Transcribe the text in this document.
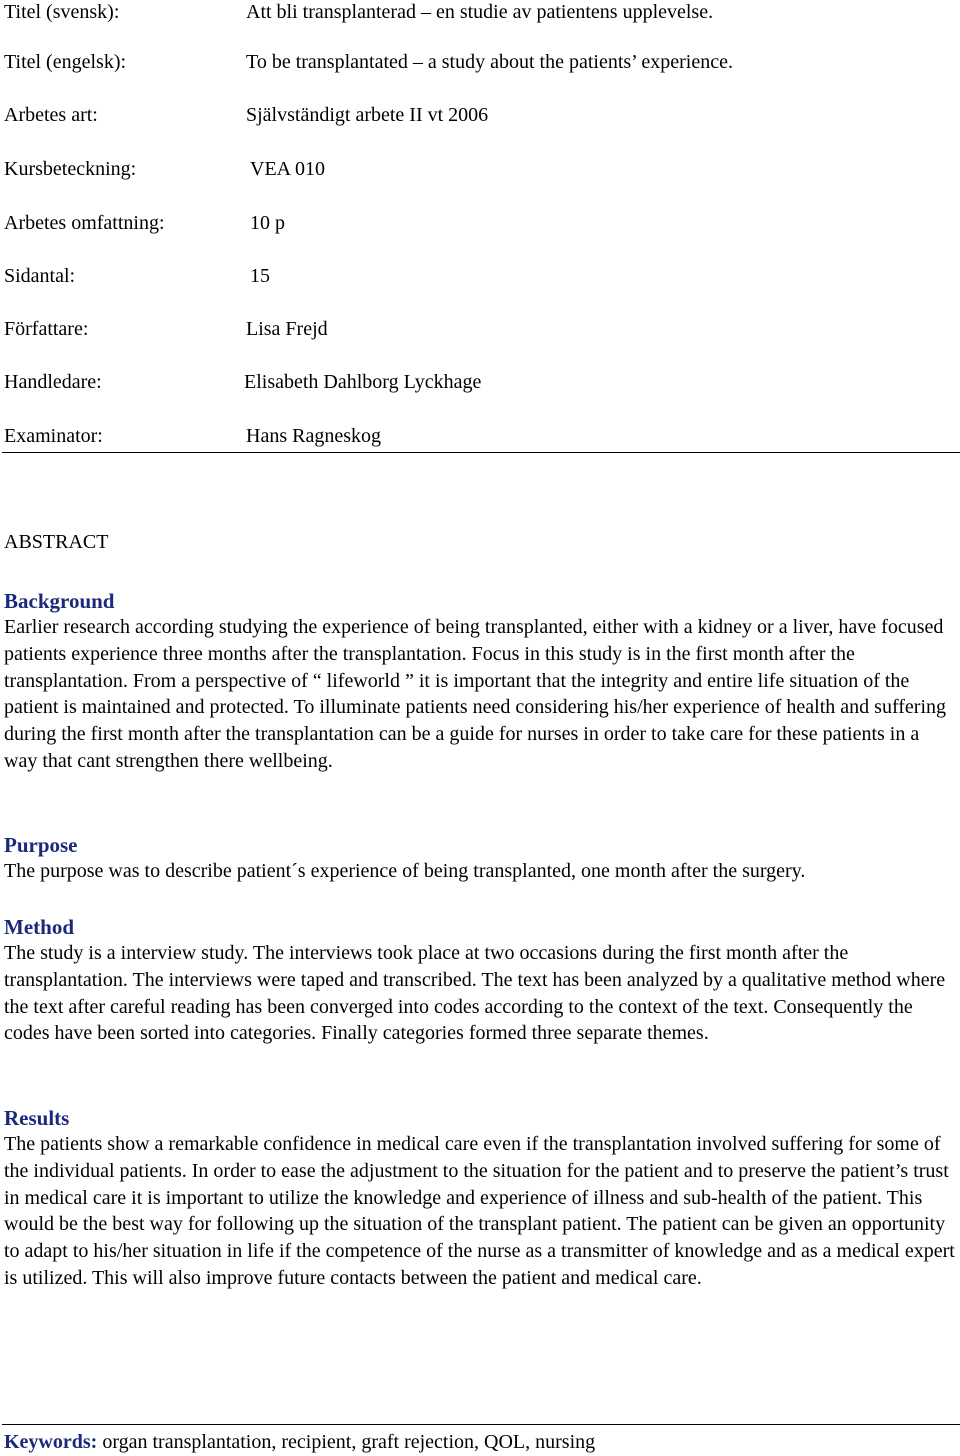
Titel (svensk):	Att bli transplanterad – en studie av patientens upplevelse.
Titel (engelsk):	To be transplantated – a study about the patients’ experience.
Arbetes art:	Självständigt arbete II vt 2006
Kursbeteckning:	VEA 010
Arbetes omfattning:	10 p
Sidantal:	15
Författare:	Lisa Frejd
Handledare:	Elisabeth Dahlborg Lyckhage
Examinator:	Hans Ragneskog
ABSTRACT
Background

Earlier research according studying the experience of being transplanted, either with a kidney or a liver, have focused patients experience three months after the transplantation. Focus in this study is in the first month after the transplantation. From a perspective of “ lifeworld ” it is important that the integrity and entire life situation of the patient is maintained and protected. To illuminate patients need considering his/her experience of health and suffering during the first month after the transplantation can be a guide for nurses in order to take care for these patients in a way that cant strengthen there wellbeing.

Purpose

The purpose was to describe patient´s experience of being transplanted, one month after the surgery.

Method

The study is a interview study. The interviews took place at two occasions during the first month after the transplantation. The interviews were taped and transcribed. The text has been analyzed by a qualitative method where the text after careful reading has been converged into codes according to the context of the text. Consequently the codes have been sorted into categories. Finally categories formed three separate themes.

Results

The patients show a remarkable confidence in medical care even if the transplantation involved suffering for some of the individual patients. In order to ease the adjustment to the situation for the patient and to preserve the patient’s trust in medical care it is important to utilize the knowledge and experience of illness and sub-health of the patient. This would be the best way for following up the situation of the transplant patient. The patient can be given an opportunity to adapt to his/her situation in life if the competence of the nurse as a transmitter of knowledge and as a medical expert is utilized. This will also improve future contacts between the patient and medical care.

Keywords: organ transplantation, recipient, graft rejection, QOL, nursing
